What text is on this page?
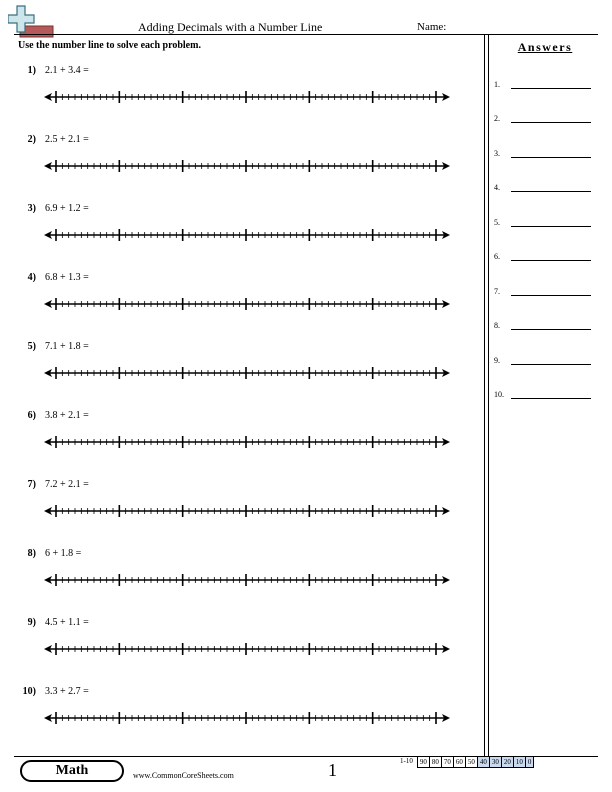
Adding Decimals with a Number Line	Name:
Use the number line to solve each problem.	Answers
1) 2.1 + 3.4 =
2) 2.5 + 2.1 =
3) 6.9 + 1.2 =
4) 6.8 + 1.3 =
5) 7.1 + 1.8 =
6) 3.8 + 2.1 =
7) 7.2 + 2.1 =
8) 6 + 1.8 =
9) 4.5 + 1.1 =
10) 3.3 + 2.7 =
1.
2.
3.
4.
5.
6.
7.
8.
9.
10.
Math	www.CommonCoreSheets.com	1	1-10	90 80 70 60 50 40 30 20 10 0
